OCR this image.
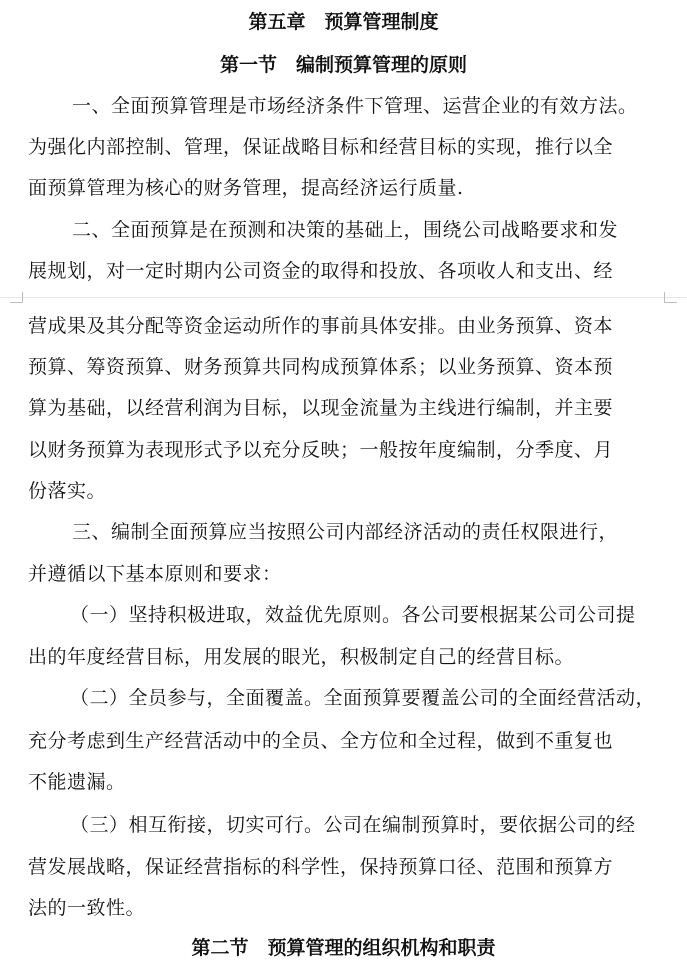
第五章　预算管理制度
第一节　编制预算管理的原则
一、全面预算管理是市场经济条件下管理、运营企业的有效方法。
为强化内部控制、管理，保证战略目标和经营目标的实现，推行以全
面预算管理为核心的财务管理，提高经济运行质量.
二、全面预算是在预测和决策的基础上，围绕公司战略要求和发
展规划，对一定时期内公司资金的取得和投放、各项收人和支出、经
营成果及其分配等资金运动所作的事前具体安排。由业务预算、资本
预算、筹资预算、财务预算共同构成预算体系；以业务预算、资本预
算为基础，以经营利润为目标，以现金流量为主线进行编制，并主要
以财务预算为表现形式予以充分反映；一般按年度编制，分季度、月
份落实。
三、编制全面预算应当按照公司内部经济活动的责任权限进行，
并遵循以下基本原则和要求：
（一）坚持积极进取，效益优先原则。各公司要根据某公司公司提
出的年度经营目标，用发展的眼光，积极制定自己的经营目标。
（二）全员参与，全面覆盖。全面预算要覆盖公司的全面经营活动，
充分考虑到生产经营活动中的全员、全方位和全过程，做到不重复也
不能遗漏。
（三）相互衔接，切实可行。公司在编制预算时，要依据公司的经
营发展战略，保证经营指标的科学性，保持预算口径、范围和预算方
法的一致性。
第二节　预算管理的组织机构和职责
